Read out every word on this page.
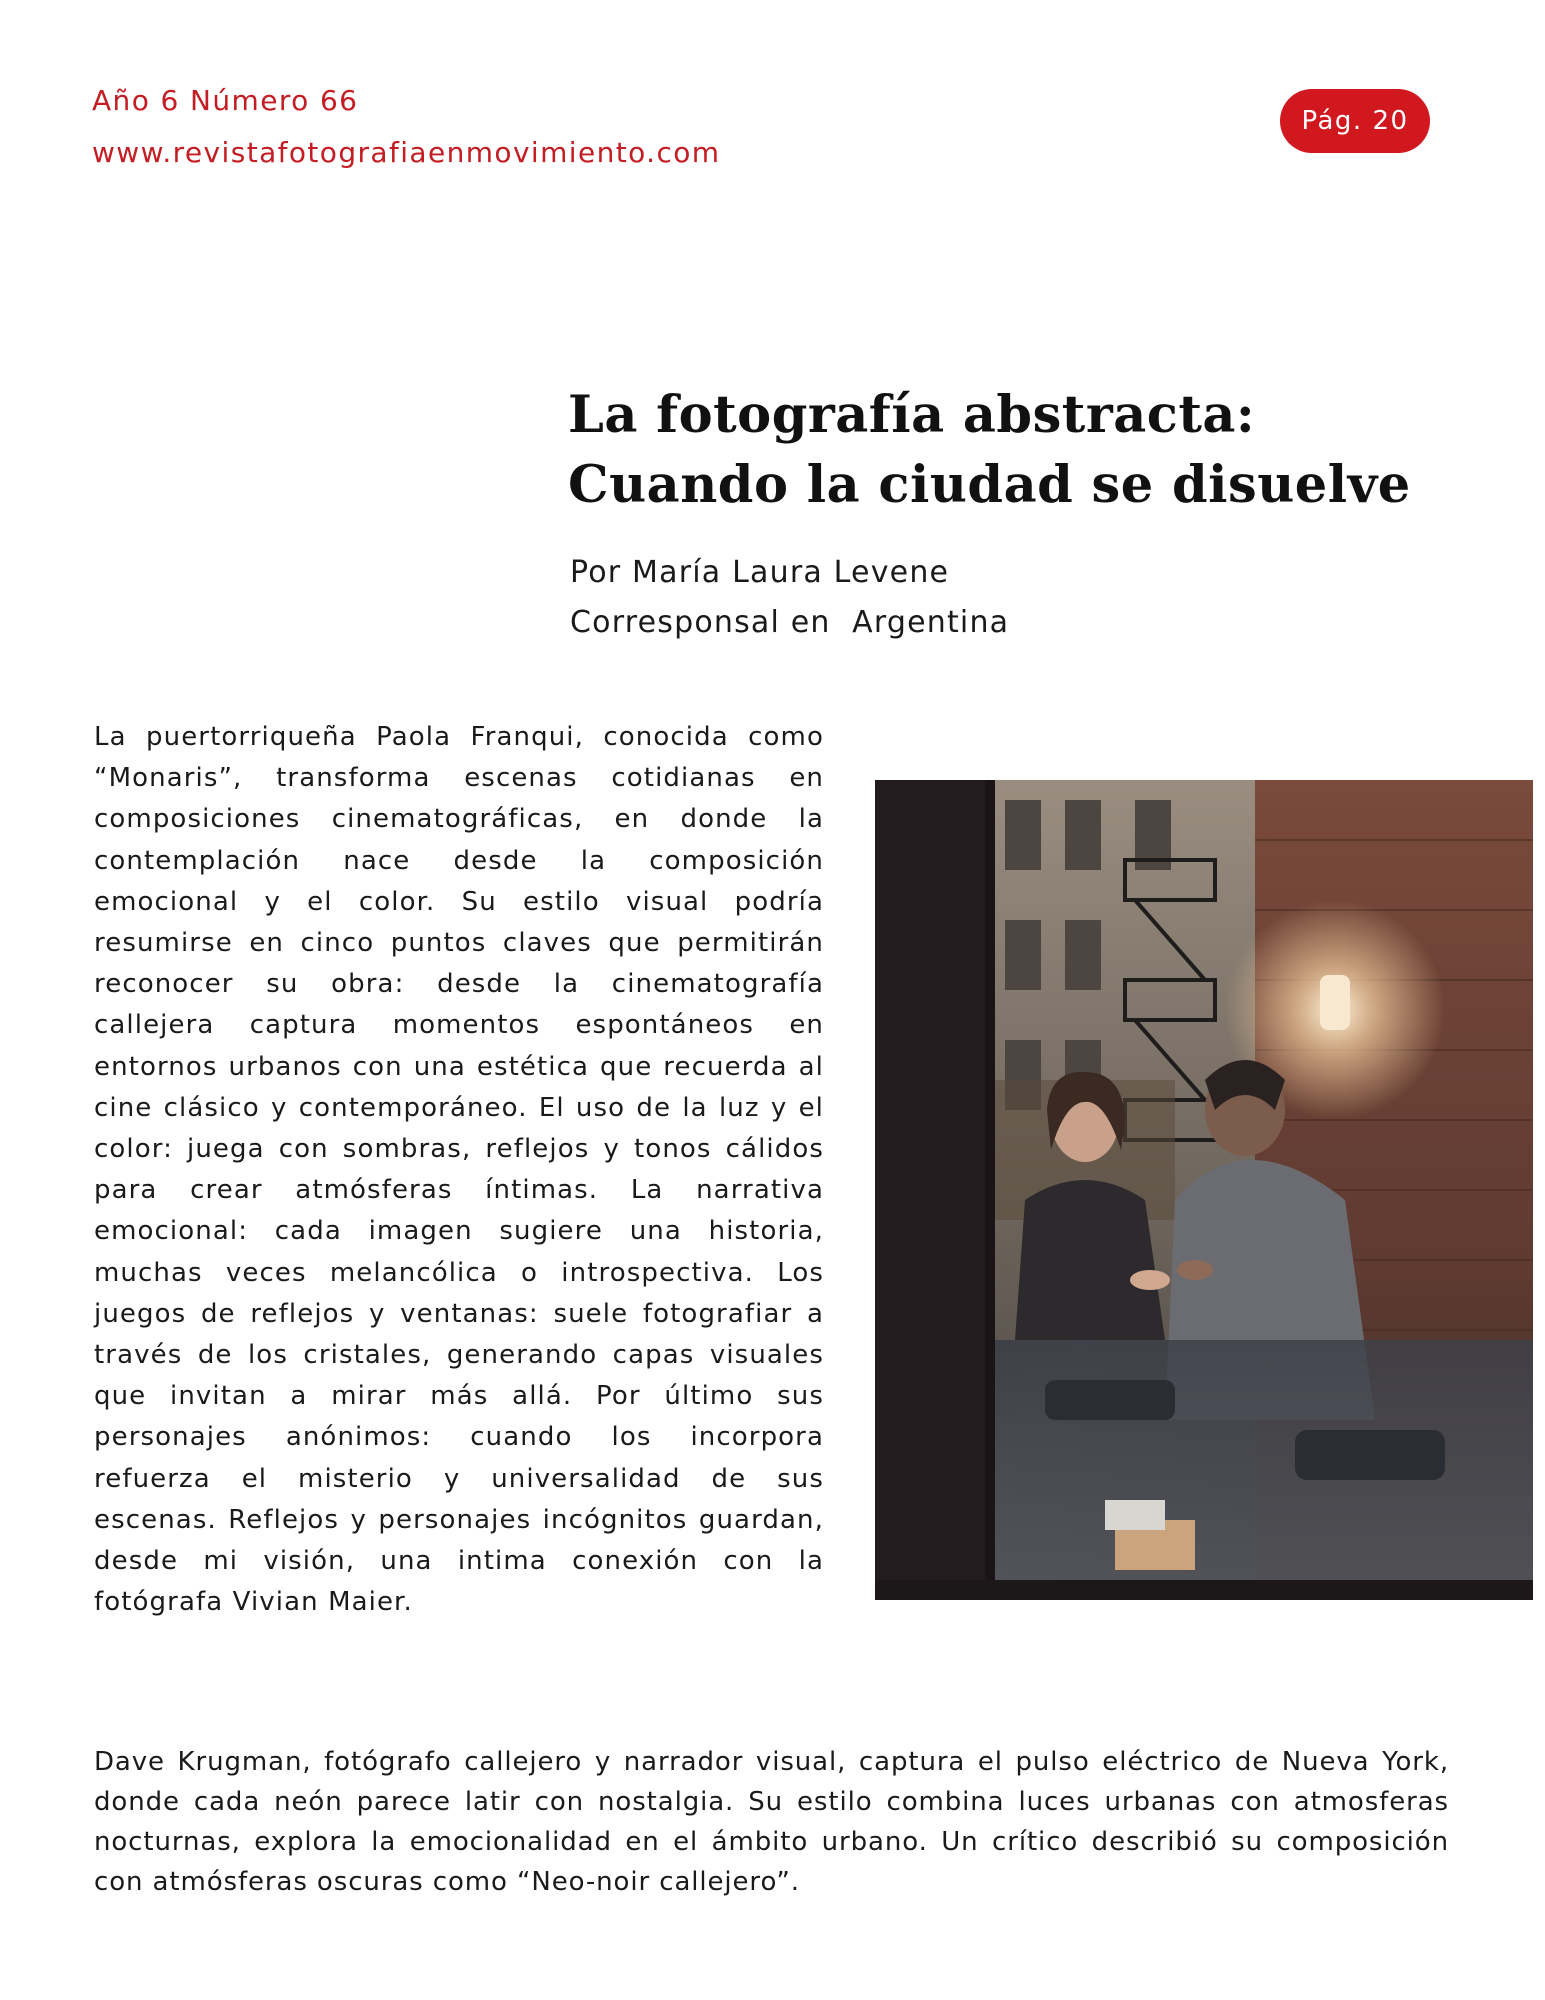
Año 6 Número 66
www.revistafotografiaenmovimiento.com
Pág. 20
La fotografía abstracta:
Cuando la ciudad se disuelve
Por María Laura Levene
Corresponsal en  Argentina

La puertorriqueña Paola Franqui, conocida como “Monaris”, transforma escenas cotidianas en composiciones cinematográficas, en donde la contemplación nace desde la composición emocional y el color. Su estilo visual podría resumirse en cinco puntos claves que permitirán reconocer su obra: desde la cinematografía callejera captura momentos espontáneos en entornos urbanos con una estética que recuerda al cine clásico y contemporáneo. El uso de la luz y el color: juega con sombras, reflejos y tonos cálidos para crear atmósferas íntimas. La narrativa emocional: cada imagen sugiere una historia, muchas veces melancólica o introspectiva. Los juegos de reflejos y ventanas: suele fotografiar a través de los cristales, generando capas visuales que invitan a mirar más allá. Por último sus personajes anónimos: cuando los incorpora refuerza el misterio y universalidad de sus escenas. Reflejos y personajes incógnitos guardan, desde mi visión, una intima conexión con la fotógrafa Vivian Maier.

Dave Krugman, fotógrafo callejero y narrador visual, captura el pulso eléctrico de Nueva York, donde cada neón parece latir con nostalgia. Su estilo combina luces urbanas con atmosferas nocturnas, explora la emocionalidad en el ámbito urbano. Un crítico describió su composición con atmósferas oscuras como “Neo-noir callejero”.
